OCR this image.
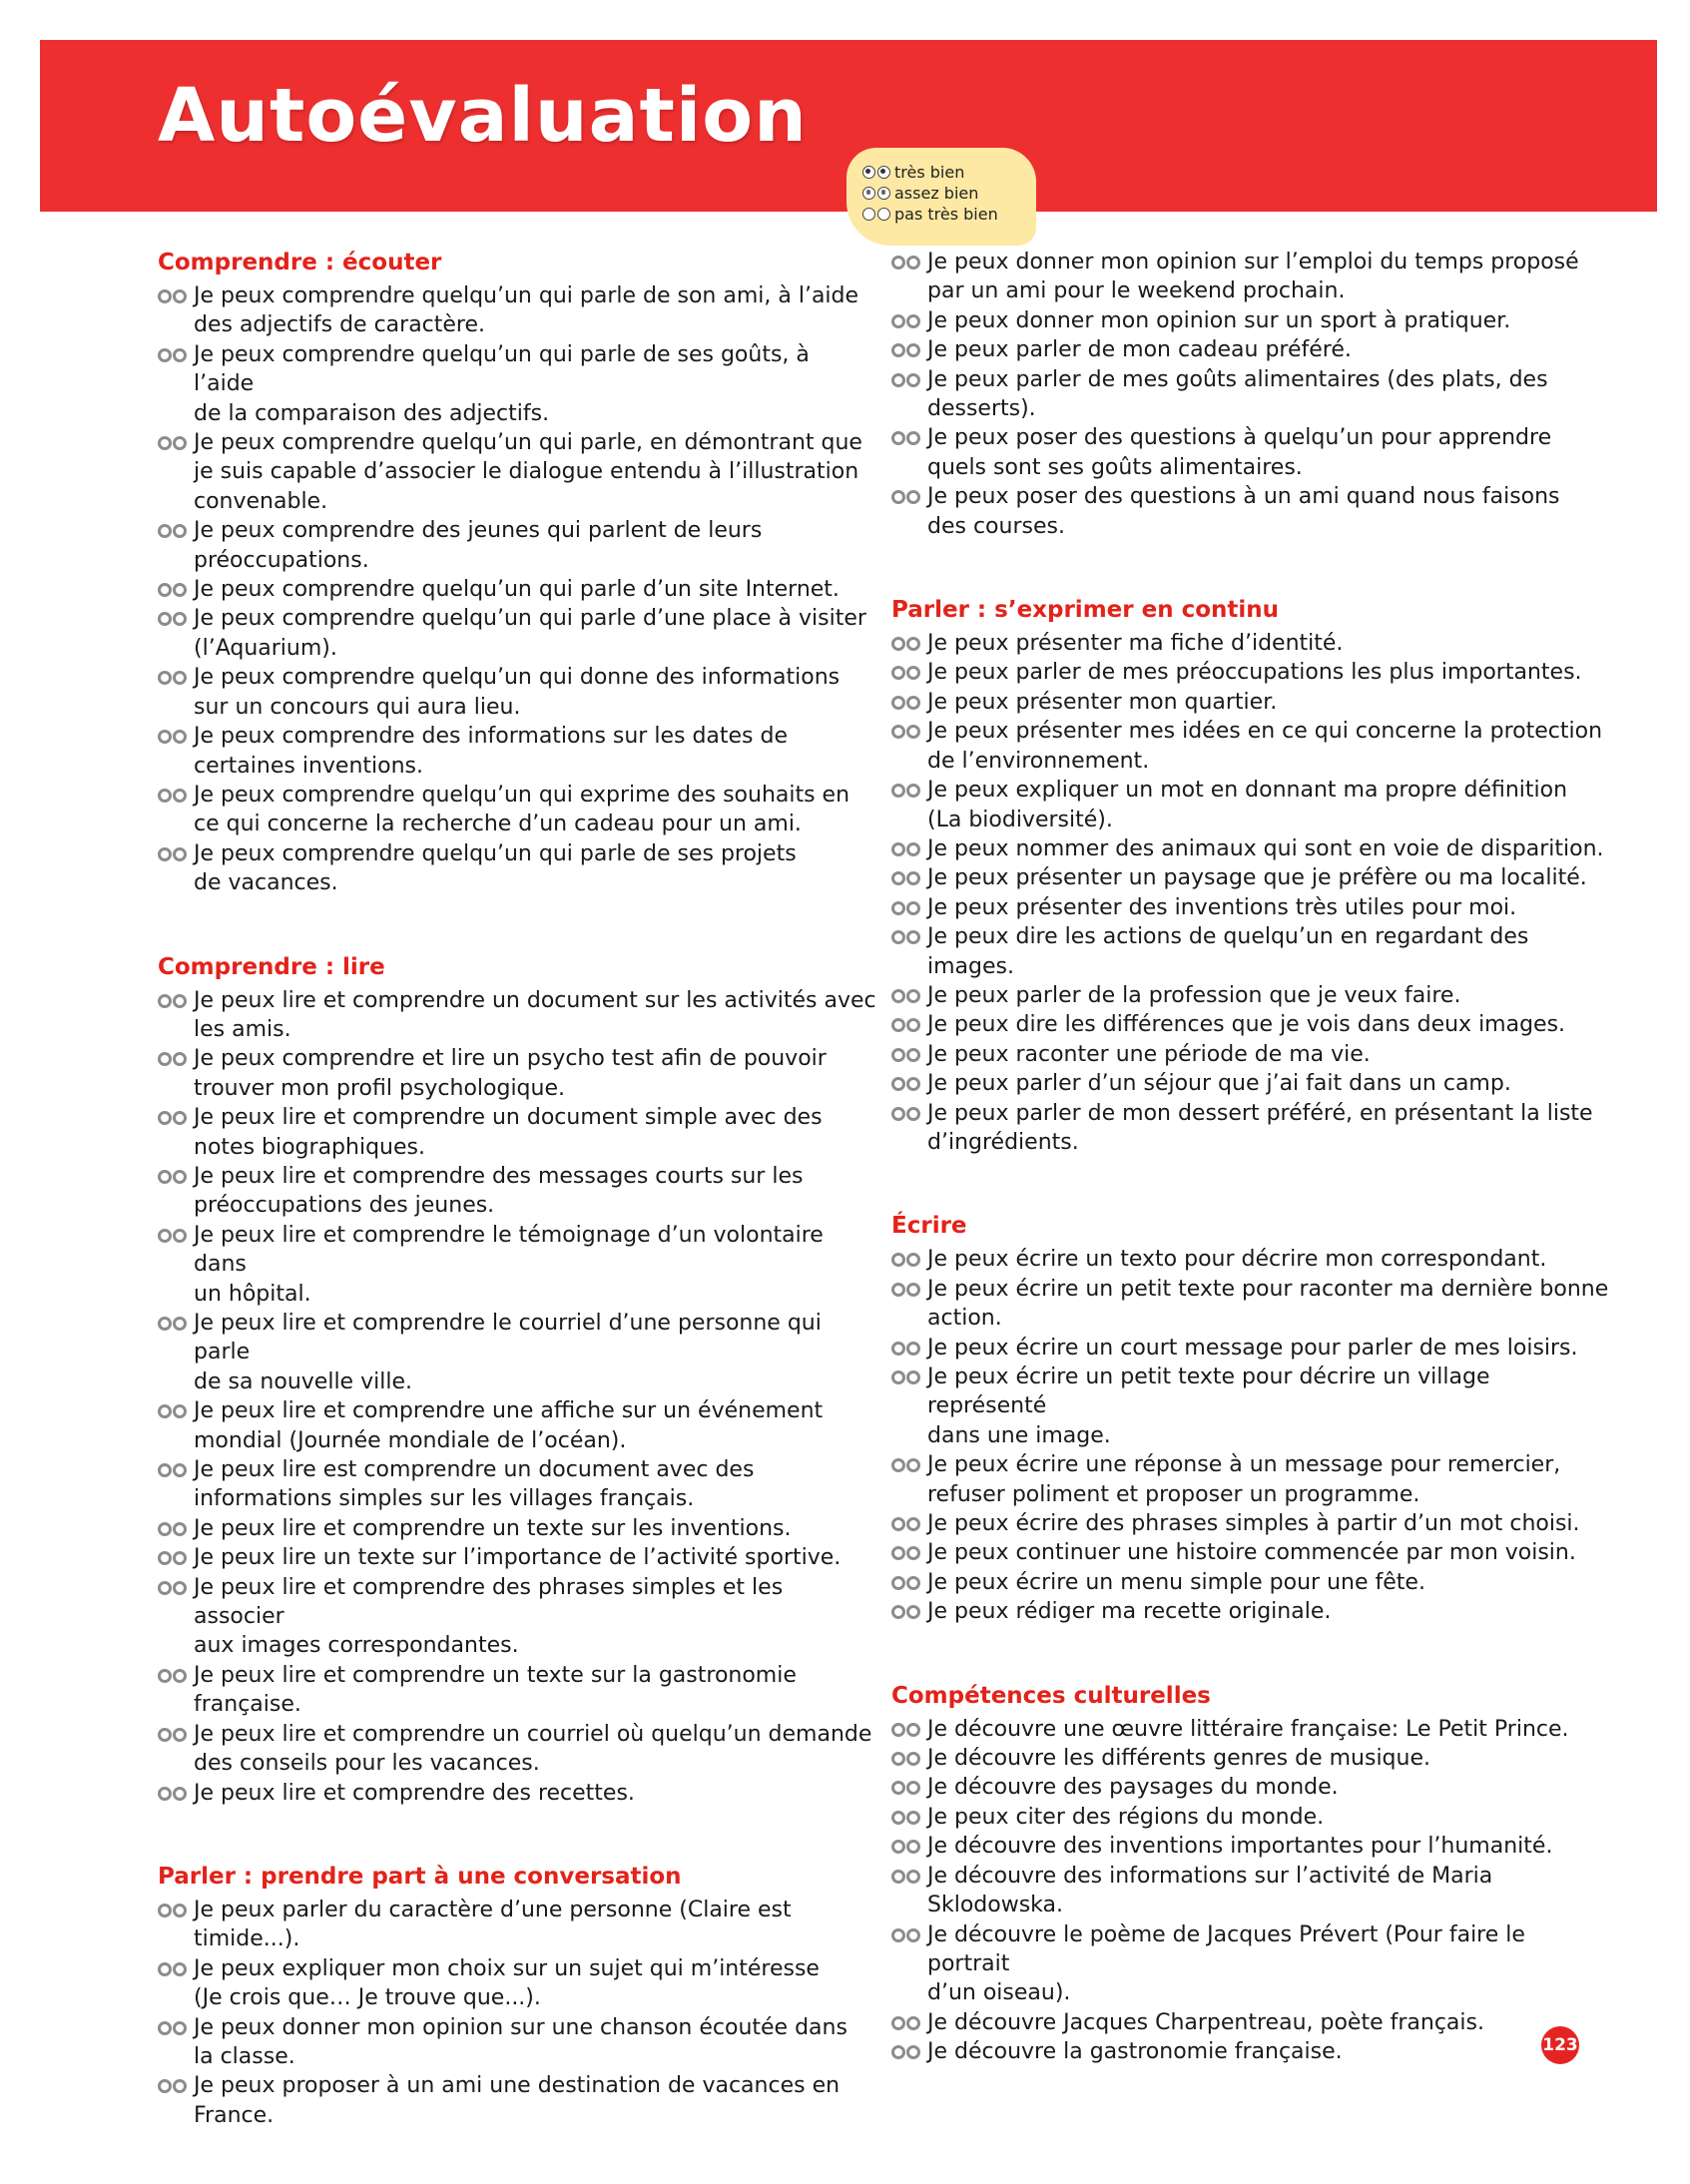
Autoévaluation
très bien
assez bien
pas très bien
Comprendre : écouter
Je peux comprendre quelqu’un qui parle de son ami, à l’aide
des adjectifs de caractère.
Je peux comprendre quelqu’un qui parle de ses goûts, à l’aide
de la comparaison des adjectifs.
Je peux comprendre quelqu’un qui parle, en démontrant que
je suis capable d’associer le dialogue entendu à l’illustration
convenable.
Je peux comprendre des jeunes qui parlent de leurs
préoccupations.
Je peux comprendre quelqu’un qui parle d’un site Internet.
Je peux comprendre quelqu’un qui parle d’une place à visiter
(l’Aquarium).
Je peux comprendre quelqu’un qui donne des informations
sur un concours qui aura lieu.
Je peux comprendre des informations sur les dates de
certaines inventions.
Je peux comprendre quelqu’un qui exprime des souhaits en
ce qui concerne la recherche d’un cadeau pour un ami.
Je peux comprendre quelqu’un qui parle de ses projets
de vacances.
Comprendre : lire
Je peux lire et comprendre un document sur les activités avec
les amis.
Je peux comprendre et lire un psycho test afin de pouvoir
trouver mon profil psychologique.
Je peux lire et comprendre un document simple avec des
notes biographiques.
Je peux lire et comprendre des messages courts sur les
préoccupations des jeunes.
Je peux lire et comprendre le témoignage d’un volontaire dans
un hôpital.
Je peux lire et comprendre le courriel d’une personne qui parle
de sa nouvelle ville.
Je peux lire et comprendre une affiche sur un événement
mondial (Journée mondiale de l’océan).
Je peux lire est comprendre un document avec des
informations simples sur les villages français.
Je peux lire et comprendre un texte sur les inventions.
Je peux lire un texte sur l’importance de l’activité sportive.
Je peux lire et comprendre des phrases simples et les associer
aux images correspondantes.
Je peux lire et comprendre un texte sur la gastronomie
française.
Je peux lire et comprendre un courriel où quelqu’un demande
des conseils pour les vacances.
Je peux lire et comprendre des recettes.
Parler : prendre part à une conversation
Je peux parler du caractère d’une personne (Claire est timide...).
Je peux expliquer mon choix sur un sujet qui m’intéresse
(Je crois que… Je trouve que...).
Je peux donner mon opinion sur une chanson écoutée dans
la classe.
Je peux proposer à un ami une destination de vacances en
France.
Je peux donner mon opinion sur l’emploi du temps proposé
par un ami pour le weekend prochain.
Je peux donner mon opinion sur un sport à pratiquer.
Je peux parler de mon cadeau préféré.
Je peux parler de mes goûts alimentaires (des plats, des
desserts).
Je peux poser des questions à quelqu’un pour apprendre
quels sont ses goûts alimentaires.
Je peux poser des questions à un ami quand nous faisons
des courses.
Parler : s’exprimer en continu
Je peux présenter ma fiche d’identité.
Je peux parler de mes préoccupations les plus importantes.
Je peux présenter mon quartier.
Je peux présenter mes idées en ce qui concerne la protection
de l’environnement.
Je peux expliquer un mot en donnant ma propre définition
(La biodiversité).
Je peux nommer des animaux qui sont en voie de disparition.
Je peux présenter un paysage que je préfère ou ma localité.
Je peux présenter des inventions très utiles pour moi.
Je peux dire les actions de quelqu’un en regardant des images.
Je peux parler de la profession que je veux faire.
Je peux dire les différences que je vois dans deux images.
Je peux raconter une période de ma vie.
Je peux parler d’un séjour que j’ai fait dans un camp.
Je peux parler de mon dessert préféré, en présentant la liste
d’ingrédients.
Écrire
Je peux écrire un texto pour décrire mon correspondant.
Je peux écrire un petit texte pour raconter ma dernière bonne
action.
Je peux écrire un court message pour parler de mes loisirs.
Je peux écrire un petit texte pour décrire un village représenté
dans une image.
Je peux écrire une réponse à un message pour remercier,
refuser poliment et proposer un programme.
Je peux écrire des phrases simples à partir d’un mot choisi.
Je peux continuer une histoire commencée par mon voisin.
Je peux écrire un menu simple pour une fête.
Je peux rédiger ma recette originale.
Compétences culturelles
Je découvre une œuvre littéraire française: Le Petit Prince.
Je découvre les différents genres de musique.
Je découvre des paysages du monde.
Je peux citer des régions du monde.
Je découvre des inventions importantes pour l’humanité.
Je découvre des informations sur l’activité de Maria
Sklodowska.
Je découvre le poème de Jacques Prévert (Pour faire le portrait
d’un oiseau).
Je découvre Jacques Charpentreau, poète français.
Je découvre la gastronomie française.	123
